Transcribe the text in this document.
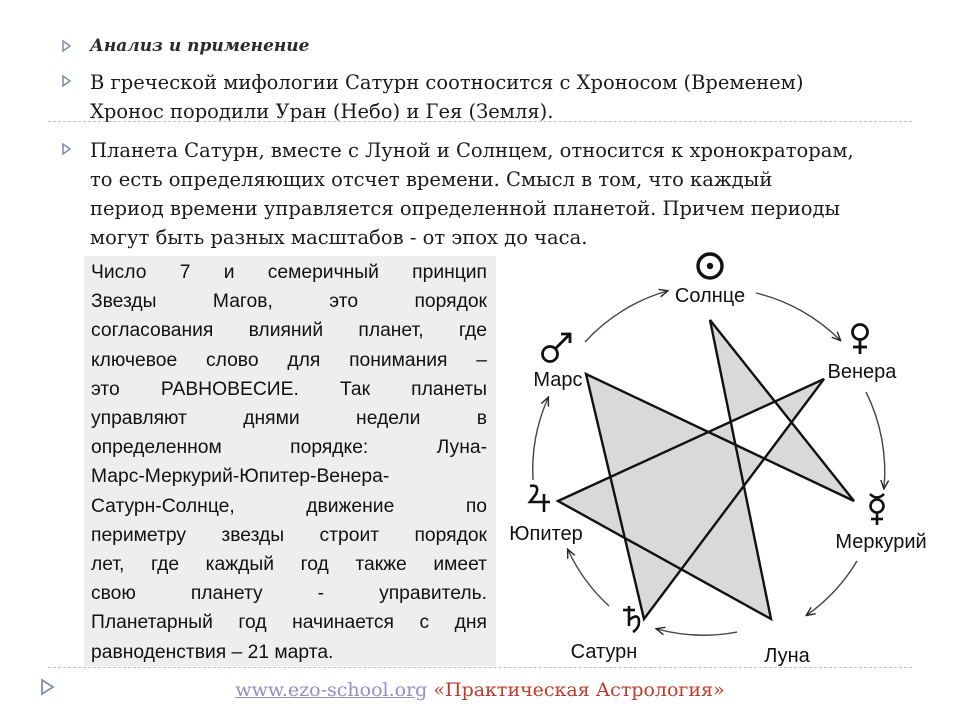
Анализ и применение

В греческой мифологии Сатурн соотносится с Хроносом (Временем)
Хронос породили Уран (Небо) и Гея (Земля).

Планета Сатурн, вместе с Луной и Солнцем, относится к хронократорам,
то есть определяющих отсчет времени. Смысл в том, что каждый
период времени управляется определенной планетой. Причем периоды
могут быть разных масштабов - от эпох до часа.

Число 7 и семеричный принцип
Звезды Магов, это порядок
согласования влияний планет, где
ключевое слово для понимания –
это РАВНОВЕСИЕ. Так планеты
управляют днями недели в
определенном порядке: Луна-
Марс-Меркурий-Юпитер-Венера-
Сатурн-Солнце, движение по
периметру звезды строит порядок
лет, где каждый год также имеет
свою планету - управитель.
Планетарный год начинается с дня
равноденствия – 21 марта.

Солнце
Венера
Меркурий
Луна
Сатурн
Юпитер
Марс
www.ezo-school.org «Практическая Астрология»
